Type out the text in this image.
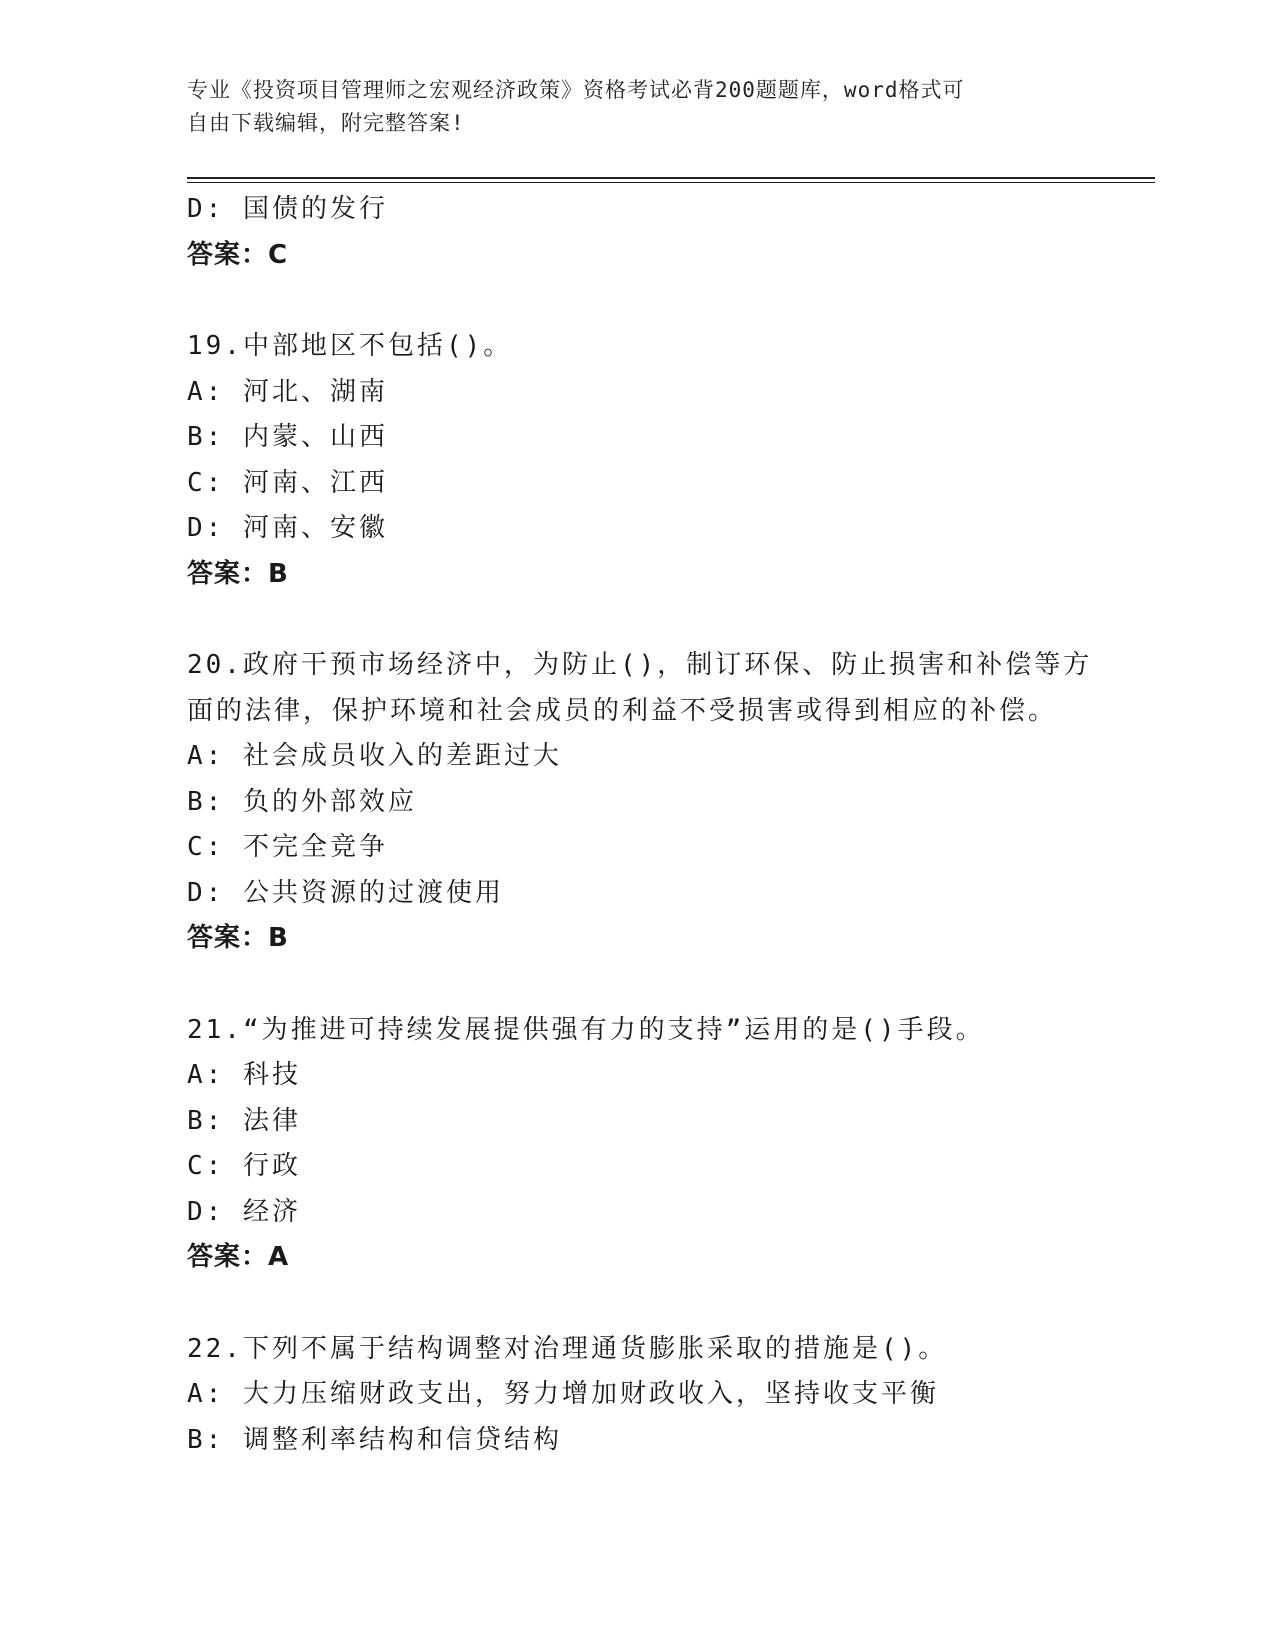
专业《投资项目管理师之宏观经济政策》资格考试必背200题题库，word格式可
自由下载编辑，附完整答案!
D: 国债的发行
答案：C
19.中部地区不包括()。
A: 河北、湖南
B: 内蒙、山西
C: 河南、江西
D: 河南、安徽
答案：B
20.政府干预市场经济中，为防止()，制订环保、防止损害和补偿等方
面的法律，保护环境和社会成员的利益不受损害或得到相应的补偿。
A: 社会成员收入的差距过大
B: 负的外部效应
C: 不完全竞争
D: 公共资源的过渡使用
答案：B
21.“为推进可持续发展提供强有力的支持”运用的是()手段。
A: 科技
B: 法律
C: 行政
D: 经济
答案：A
22.下列不属于结构调整对治理通货膨胀采取的措施是()。
A: 大力压缩财政支出，努力增加财政收入，坚持收支平衡
B: 调整利率结构和信贷结构
